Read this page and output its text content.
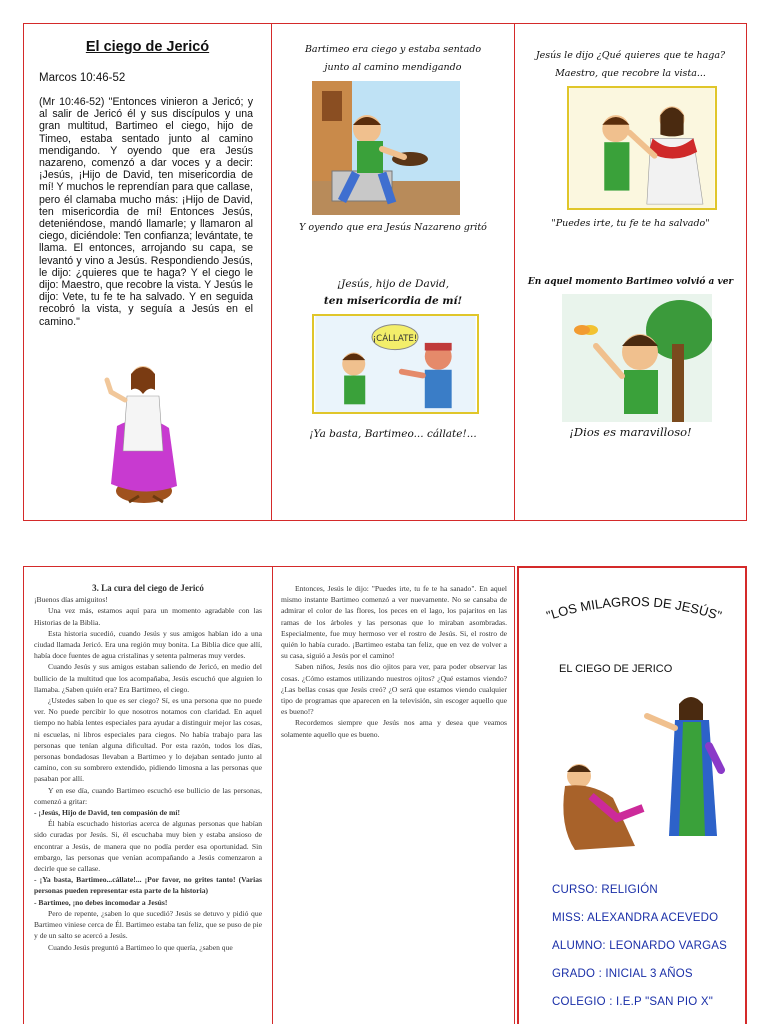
El ciego de Jericó
Marcos 10:46-52
(Mr 10:46-52) "Entonces vinieron a Jericó; y al salir de Jericó él y sus discípulos y una gran multitud, Bartimeo el ciego, hijo de Timeo, estaba sentado junto al camino mendigando. Y oyendo que era Jesús nazareno, comenzó a dar voces y a decir: ¡Jesús, ¡Hijo de David, ten misericordia de mí! Y muchos le reprendían para que callase, pero él clamaba mucho más: ¡Hijo de David, ten misericordia de mí! Entonces Jesús, deteniéndose, mandó llamarle; y llamaron al ciego, diciéndole: Ten confianza; levántate, te llama. El entonces, arrojando su capa, se levantó y vino a Jesús. Respondiendo Jesús, le dijo: ¿quieres que te haga? Y el ciego le dijo: Maestro, que recobre la vista. Y Jesús le dijo: Vete, tu fe te ha salvado. Y en seguida recobró la vista, y seguía a Jesús en el camino."
Bartimeo era ciego y estaba sentado
junto al camino mendigando
Y oyendo que era Jesús Nazareno gritó
¡Jesús, hijo de David,
ten misericordia de mí!
¡CÁLLATE!
¡Ya basta, Bartimeo... cállate!...
Jesús le dijo ¿Qué quieres que te haga?
Maestro, que recobre la vista...
"Puedes irte, tu fe te ha salvado"
En aquel momento Bartimeo volvió a ver
¡Dios es maravilloso!

3. La cura del ciego de Jericó

¡Buenos días amiguitos!

Una vez más, estamos aquí para un momento agradable con las Historias de la Biblia.

Esta historia sucedió, cuando Jesús y sus amigos habían ido a una ciudad llamada Jericó. Era una región muy bonita. La Biblia dice que allí, había doce fuentes de agua cristalinas y setenta palmeras muy verdes.

Cuando Jesús y sus amigos estaban saliendo de Jericó, en medio del bullicio de la multitud que los acompañaba, Jesús escuchó que alguien lo llamaba. ¿Saben quién era? Era Bartimeo, el ciego.

¿Ustedes saben lo que es ser ciego? Sí, es una persona que no puede ver. No puede percibir lo que nosotros notamos con claridad. En aquel tiempo no había lentes especiales para ayudar a distinguir mejor las cosas, ni escuelas, ni libros especiales para ciegos. No había trabajo para las personas que tenían alguna dificultad. Por esta razón, todos los días, personas bondadosas llevaban a Bartimeo y lo dejaban sentado junto al camino, con su sombrero extendido, pidiendo limosna a las personas que pasaban por allí.

Y en ese día, cuando Bartimeo escuchó ese bullicio de las personas, comenzó a gritar:

- ¡Jesús, Hijo de David, ten compasión de mí!

Él había escuchado historias acerca de algunas personas que habían sido curadas por Jesús. Si, él escuchaba muy bien y estaba ansioso de encontrar a Jesús, de manera que no podía perder esa oportunidad. Sin embargo, las personas que venían acompañando a Jesús comenzaron a decirle que se callase.

- ¡Ya basta, Bartimeo...cállate!... ¡Por favor, no grites tanto! (Varias personas pueden representar esta parte de la historia)

- Bartimeo, ¡no debes incomodar a Jesús!

Pero de repente, ¿saben lo que sucedió? Jesús se detuvo y pidió que Bartimeo viniese cerca de Él. Bartimeo estaba tan feliz, que se puso de pie y de un salto se acercó a Jesús.

Cuando Jesús preguntó a Bartimeo lo que quería, ¿saben que

Entonces, Jesús le dijo: "Puedes irte, tu fe te ha sanado". En aquel mismo instante Bartimeo comenzó a ver nuevamente. No se cansaba de admirar el color de las flores, los peces en el lago, los pajaritos en las ramas de los árboles y las personas que lo miraban asombradas. Especialmente, fue muy hermoso ver el rostro de Jesús. Si, el rostro de quién lo había curado. ¡Bartimeo estaba tan feliz, que en vez de volver a su casa, siguió a Jesús por el camino!

Saben niños, Jesús nos dio ojitos para ver, para poder observar las cosas. ¿Cómo estamos utilizando nuestros ojitos? ¿Qué estamos viendo? ¿Las bellas cosas que Jesús creó? ¿O será que estamos viendo cualquier tipo de programas que aparecen en la televisión, sin escoger aquello que es bueno!?

Recordemos siempre que Jesús nos ama y desea que veamos solamente aquello que es bueno.

"LOS MILAGROS DE JESÚS"
EL CIEGO DE JERICO
CURSO: RELIGIÓN
MISS: ALEXANDRA ACEVEDO
ALUMNO: LEONARDO VARGAS
GRADO : INICIAL 3 AÑOS
COLEGIO : I.E.P "SAN PIO X"
